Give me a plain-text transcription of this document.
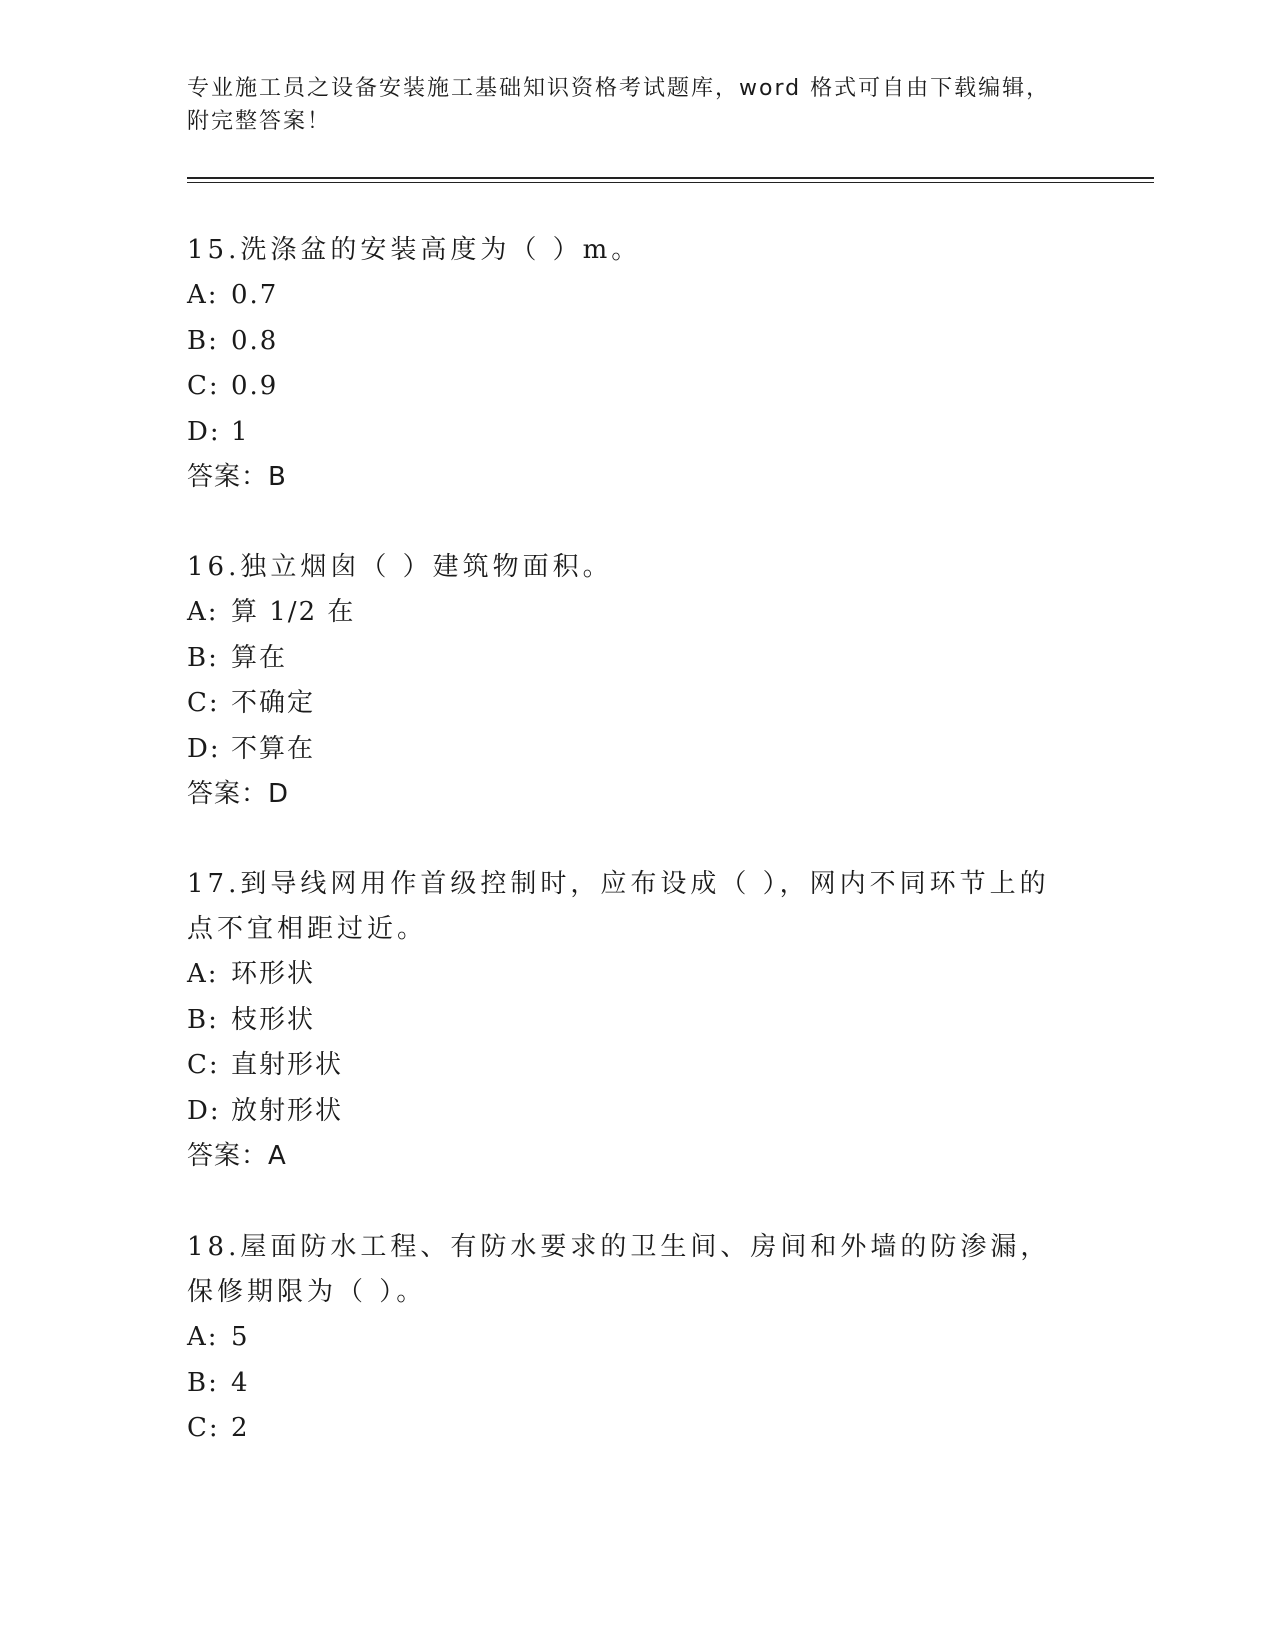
专业施工员之设备安装施工基础知识资格考试题库，word 格式可自由下载编辑，
附完整答案！

15.洗涤盆的安装高度为（ ）m。

A: 0.7

B: 0.8

C: 0.9

D: 1

答案：B

16.独立烟囱（ ）建筑物面积。

A: 算 1/2 在

B: 算在

C: 不确定

D: 不算在

答案：D

17.到导线网用作首级控制时，应布设成（ ），网内不同环节上的点不宜相距过近。

A: 环形状

B: 枝形状

C: 直射形状

D: 放射形状

答案：A

18.屋面防水工程、有防水要求的卫生间、房间和外墙的防渗漏，保修期限为（ ）。

A: 5

B: 4

C: 2
